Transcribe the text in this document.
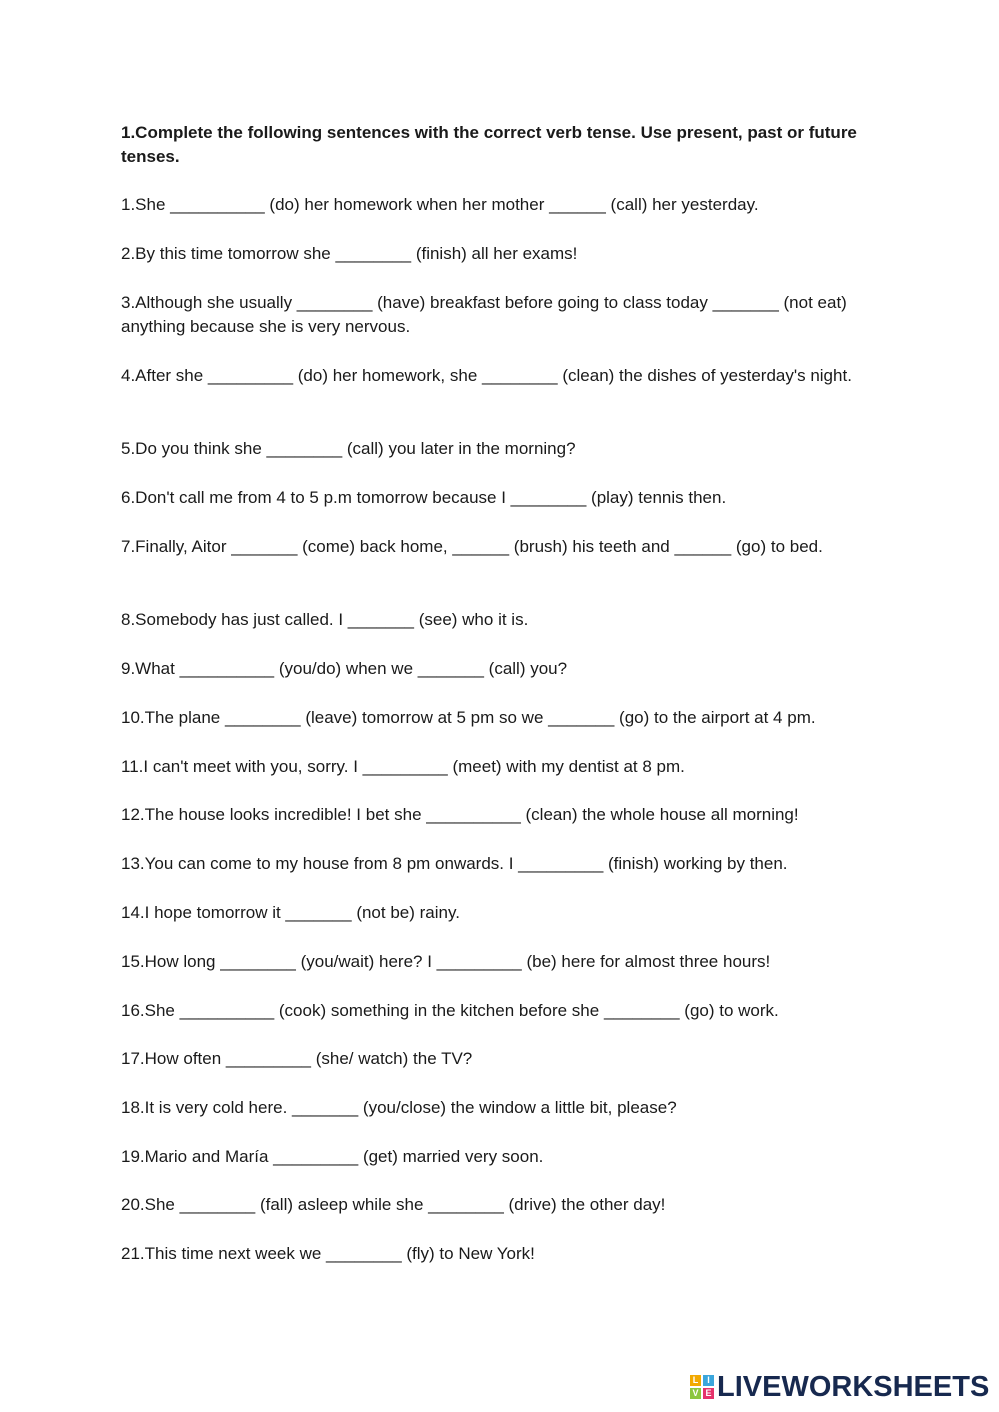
1.Complete the following sentences with the correct verb tense. Use present, past or future tenses.

1.She __________ (do) her homework when her mother ______ (call) her yesterday.

2.By this time tomorrow she ________ (finish) all her exams!

3.Although she usually ________ (have) breakfast before going to class today _______ (not eat) anything because she is very nervous.

4.After she _________ (do) her homework, she ________ (clean) the dishes of yesterday's night.

5.Do you think she ________ (call) you later in the morning?

6.Don't call me from 4 to 5 p.m tomorrow because I ________ (play) tennis then.

7.Finally, Aitor _______ (come) back home, ______ (brush) his teeth and ______ (go) to bed.

8.Somebody has just called. I _______ (see) who it is.

9.What __________ (you/do) when we _______ (call) you?

10.The plane ________ (leave) tomorrow at 5 pm so we _______ (go) to the airport at 4 pm.

11.I can't meet with you, sorry. I _________ (meet) with my dentist at 8 pm.

12.The house looks incredible! I bet she __________ (clean) the whole house all morning!

13.You can come to my house from 8 pm onwards. I _________ (finish) working by then.

14.I hope tomorrow it _______ (not be) rainy.

15.How long ________ (you/wait) here? I _________ (be) here for almost three hours!

16.She __________ (cook) something in the kitchen before she ________ (go) to work.

17.How often _________ (she/ watch) the TV?

18.It is very cold here. _______ (you/close) the window a little bit, please?

19.Mario and María _________ (get) married very soon.

20.She ________ (fall) asleep while she ________ (drive) the other day!

21.This time next week we ________ (fly) to New York!

L I
V E LIVEWORKSHEETS
